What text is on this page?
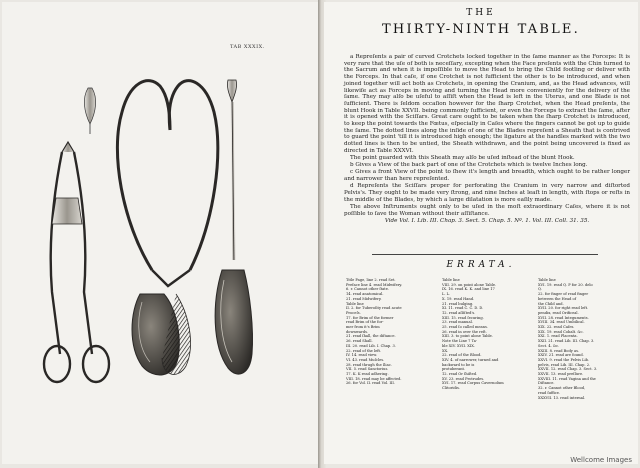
TAB XXXIX.
THE
THIRTY-NINTH TABLE.

a Repreſents a pair of curved Crotchets locked together in the ſame manner as the Forceps: It is very rare that the uſe of both is neceſſary, excepting when the Face preſents with the Chin turned to the Sacrum and when it is impoſſible to move the Head to bring the Child footling or deliver with the Forceps. In that caſe, if one Crotchet is not ſufficient the other is to be introduced, and when joined together will act both as Crotchets, in opening the Cranium, and, as the Head advances, will likewiſe act as Forceps in moving and turning the Head more conveniently for the delivery of the ſame. They may alſo be uſeful to aſſiſt when the Head is left in the Uterus, and one Blade is not ſufficient. There is ſeldom occaſion however for the ſharp Crotchet, when the Head preſents, the blunt Hook in Table XXVII. being commonly ſufficient, or even the Forceps to extract the ſame, after it is opened with the Sciſſars. Great care ought to be taken when the ſharp Crotchet is introduced, to keep the point towards the Fœtus, eſpecially in Caſes where the fingers cannot be got up to guide the ſame. The dotted lines along the inſide of one of the Blades repreſent a Sheath that is contrived to guard the point 'till it is introduced high enough; the ligature at the handles marked with the two dotted lines is then to be untied, the Sheath withdrawn, and the point being uncovered is fixed as directed in Table XXXVI.

The point guarded with this Sheath may alſo be uſed inſtead of the blunt Hook.

b Gives a View of the back part of one of the Crotchets which is twelve Inches long.

c Gives a front View of the point to ſhew it's length and breadth, which ought to be rather longer and narrower than here repreſented.

d Repreſents the Sciſſars proper for perforating the Cranium in very narrow and diſtorted Pelvis's. They ought to be made very ſtrong, and nine Inches at leaſt in length, with ſtops or reſts in the middle of the Blades, by which a large dilatation is more eaſily made.

The above Inſtruments ought only to be uſed in the moſt extraordinary Caſes, where it is not poſſible to ſave the Woman without their aſſiſtance.

Vide Vol. I. Lib. III. Chap. 3. Sect. 5. Chap. 5. Nº. 1. Vol. III. Coll. 31. 35.

ERRATA.
Title Page, line 2. read Set.
Preface line 4. read Midwifery.
6. r. Cannot other ſtate.
14. read anatomical.
21. read Midwifery.
Table line
II. 2. for Tuberoſity read acute
Proceſs.
17. for Brim of the former
read Brim of the for-
mer from it's Brim
downwards.
21. read ſhall, the diſtance.
26. read Shall.
III. 20. read Lib. I. Chap. 3.
22. read of the left.
IV. 14. read view.
VI. 43. read Muſcles.
28. read thrugh the Iliac.
VII. 5. read Sanctorius.
17. K. K read adhering.
VIII. 18. read may be affected.
26. for Vol. II. read Vol. III.
Table line
VIII. 29. on point alone Table.
IX. 16. read K. K. and line 17
L. L.
X. 19. read Hand.
21. read bulging.
XI. 11. read C. C. D. D.
12. read aſſiſted's.
XIII. 15. read ſecuring.
23. read manual.
25. read ſo called means.
26. read in over the reſt.
XIII. 3. to point alone Table.
Note the Line 7 Ta-
ble XIV. XVII. XIX.
XX.
22. read of the Blood.
XIV. 4. of narrower, turned and
backward to be is
protuberant.
12. read Or ſhiſted.
XV. 23. read Protrudes.
XVI. 17. read Corpus Cavernoſum
Clitoridis.
Table line
XVI. 19. read Q. P for 20. delo
Q.
22. for finger of read finger
between the Head of
the Child and.
XVII. 20. for right read left.
pendix, read Orificeal.
XVII. 28. read Integuments.
XVIII. 34. read Umbilical.
XIX. 22. read Caſes.
XIX. 19. read Cobalt. &c.
XXI. 1. read Placenta.
XXII. 21. read Lib. III. Chap. 3.
Sect. 4. &c.
XXIII. 8. read Body as.
XXIV. 21. read are found.
XXVI. 9. read the Pelvis Lib.
pelvis, read Lib. III. Chap. 2.
XXVII. 12. read Chap. 3. Sect. 3.
XXVII. 13. read preſſure.
XXVIII. 11. read Vagina and the
Diſtance.
32. r. Cannot other Blood,
read ſuffice.
XXXVII. 13. read internal.
Wellcome Images
